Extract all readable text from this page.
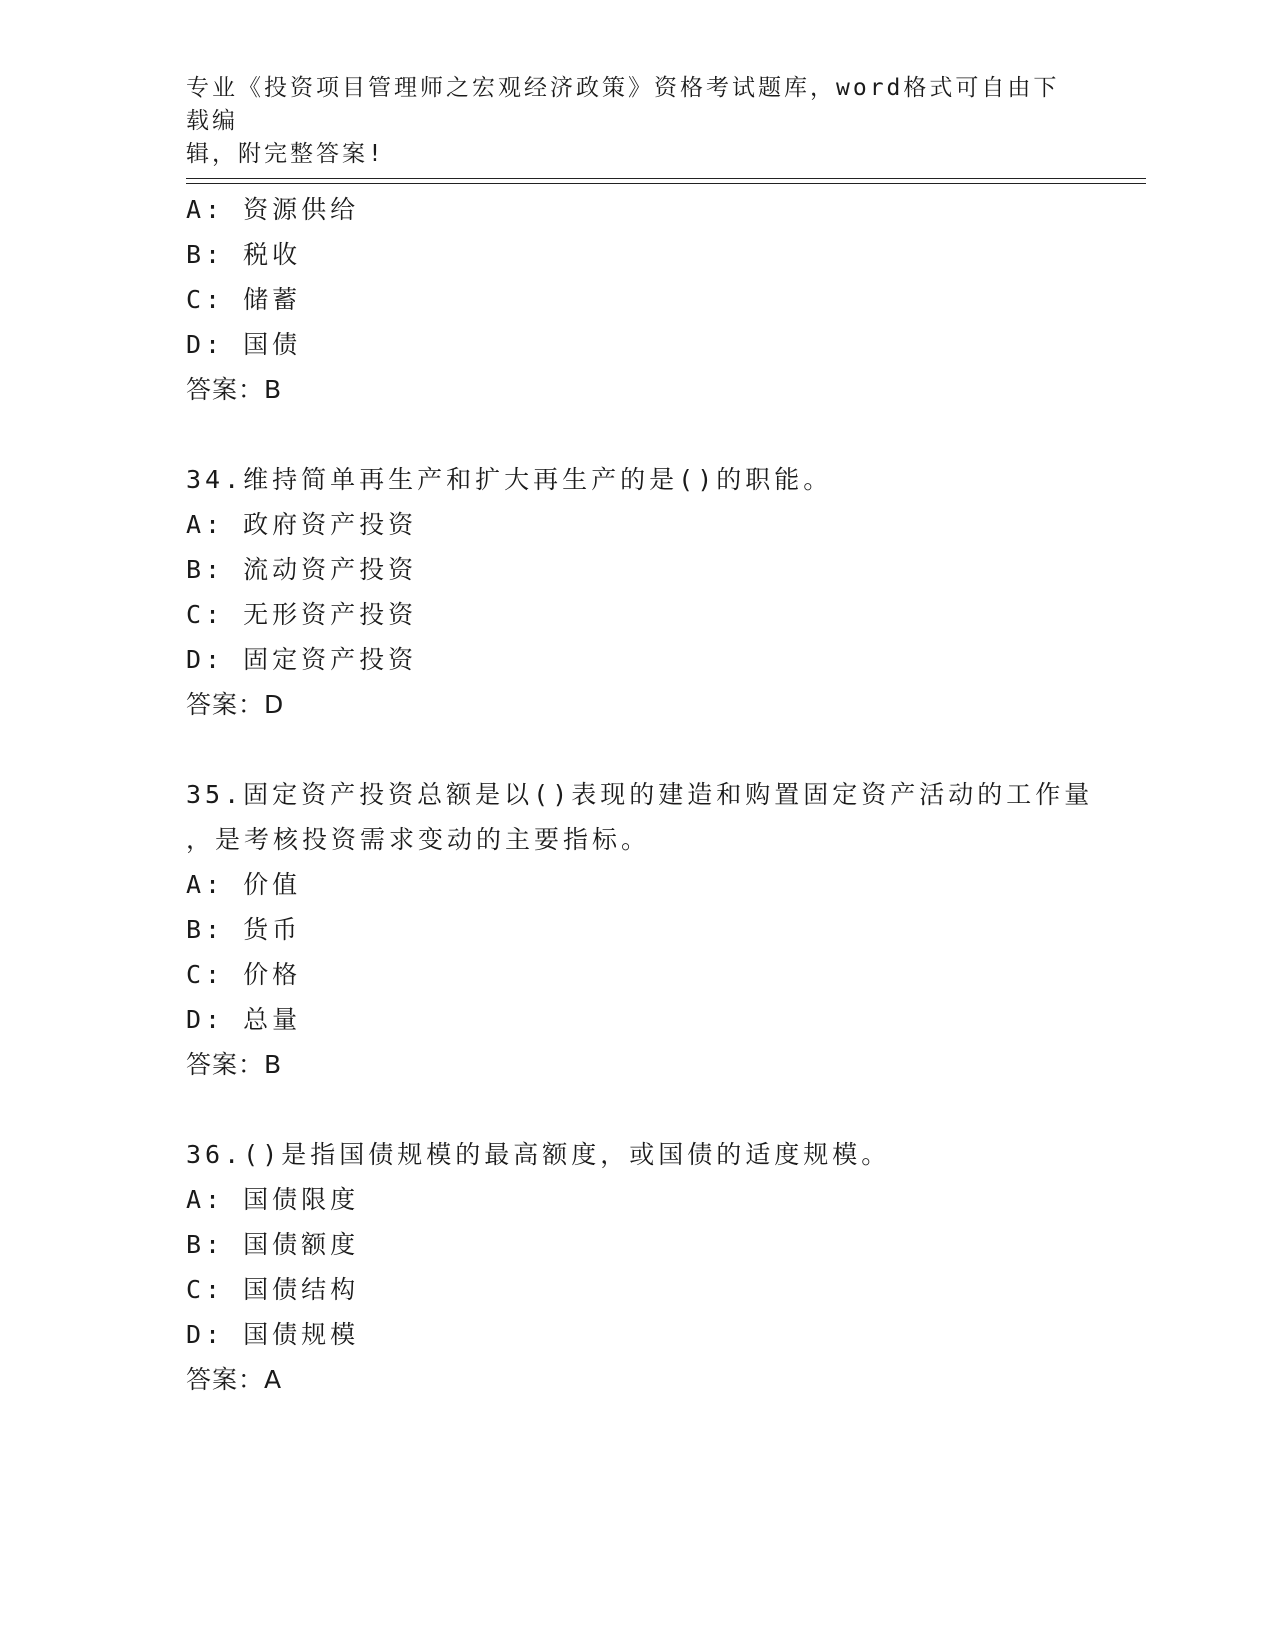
专业《投资项目管理师之宏观经济政策》资格考试题库，word格式可自由下载编
辑，附完整答案!
A: 资源供给
B: 税收
C: 储蓄
D: 国债
答案：B
34.维持简单再生产和扩大再生产的是()的职能。
A: 政府资产投资
B: 流动资产投资
C: 无形资产投资
D: 固定资产投资
答案：D
35.固定资产投资总额是以()表现的建造和购置固定资产活动的工作量
，是考核投资需求变动的主要指标。
A: 价值
B: 货币
C: 价格
D: 总量
答案：B
36.()是指国债规模的最高额度，或国债的适度规模。
A: 国债限度
B: 国债额度
C: 国债结构
D: 国债规模
答案：A
